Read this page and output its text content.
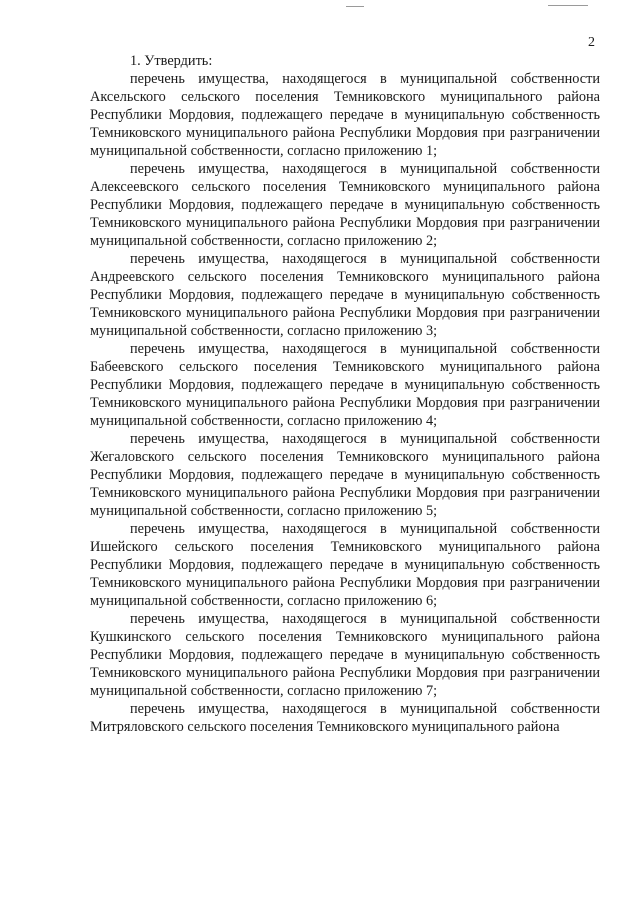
2

1. Утвердить:

перечень имущества, находящегося в муниципальной собственности Аксельского сельского поселения Темниковского муниципального района Республики Мордовия, подлежащего передаче в муниципальную собственность Темниковского муниципального района Республики Мордовия при разграничении муниципальной собственности, согласно приложению 1;

перечень имущества, находящегося в муниципальной собственности Алексеевского сельского поселения Темниковского муниципального района Республики Мордовия, подлежащего передаче в муниципальную собственность Темниковского муниципального района Республики Мордовия при разграничении муниципальной собственности, согласно приложению 2;

перечень имущества, находящегося в муниципальной собственности Андреевского сельского поселения Темниковского муниципального района Республики Мордовия, подлежащего передаче в муниципальную собственность Темниковского муниципального района Республики Мордовия при разграничении муниципальной собственности, согласно приложению 3;

перечень имущества, находящегося в муниципальной собственности Бабеевского сельского поселения Темниковского муниципального района Республики Мордовия, подлежащего передаче в муниципальную собственность Темниковского муниципального района Республики Мордовия при разграничении муниципальной собственности, согласно приложению 4;

перечень имущества, находящегося в муниципальной собственности Жегаловского сельского поселения Темниковского муниципального района Республики Мордовия, подлежащего передаче в муниципальную собственность Темниковского муниципального района Республики Мордовия при разграничении муниципальной собственности, согласно приложению 5;

перечень имущества, находящегося в муниципальной собственности Ишейского сельского поселения Темниковского муниципального района Республики Мордовия, подлежащего передаче в муниципальную собственность Темниковского муниципального района Республики Мордовия при разграничении муниципальной собственности, согласно приложению 6;

перечень имущества, находящегося в муниципальной собственности Кушкинского сельского поселения Темниковского муниципального района Республики Мордовия, подлежащего передаче в муниципальную собственность Темниковского муниципального района Республики Мордовия при разграничении муниципальной собственности, согласно приложению 7;

перечень имущества, находящегося в муниципальной собственности Митряловского сельского поселения Темниковского муниципального района
